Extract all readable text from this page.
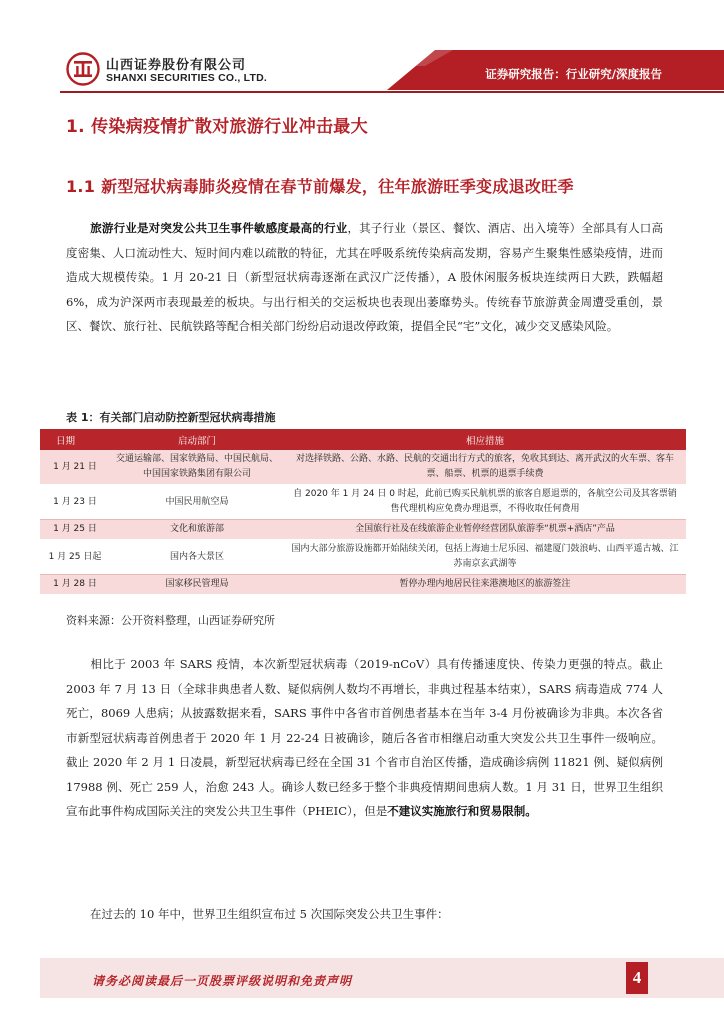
山西证券股份有限公司
SHANXI SECURITIES CO., LTD.	证券研究报告：行业研究/深度报告
1. 传染病疫情扩散对旅游行业冲击最大
1.1 新型冠状病毒肺炎疫情在春节前爆发，往年旅游旺季变成退改旺季
旅游行业是对突发公共卫生事件敏感度最高的行业，其子行业（景区、餐饮、酒店、出入境等）全部具有人口高度密集、人口流动性大、短时间内难以疏散的特征，尤其在呼吸系统传染病高发期，容易产生聚集性感染疫情，进而造成大规模传染。1 月 20-21 日（新型冠状病毒逐渐在武汉广泛传播），A 股休闲服务板块连续两日大跌，跌幅超 6%，成为沪深两市表现最差的板块。与出行相关的交运板块也表现出萎靡势头。传统春节旅游黄金周遭受重创，景区、餐饮、旅行社、民航铁路等配合相关部门纷纷启动退改停政策，提倡全民“宅”文化，减少交叉感染风险。
表 1：有关部门启动防控新型冠状病毒措施
日期	启动部门	相应措施
1 月 21 日	交通运输部、国家铁路局、中国民航局、中国国家铁路集团有限公司	对选择铁路、公路、水路、民航的交通出行方式的旅客，免收其到达、离开武汉的火车票、客车票、船票、机票的退票手续费
1 月 23 日	中国民用航空局	自 2020 年 1 月 24 日 0 时起，此前已购买民航机票的旅客自愿退票的，各航空公司及其客票销售代理机构应免费办理退票，不得收取任何费用
1 月 25 日	文化和旅游部	全国旅行社及在线旅游企业暂停经营团队旅游季“机票+酒店”产品
1 月 25 日起	国内各大景区	国内大部分旅游设施都开始陆续关闭，包括上海迪士尼乐园、福建厦门鼓浪屿、山西平遥古城、江苏南京玄武湖等
1 月 28 日	国家移民管理局	暂停办理内地居民往来港澳地区的旅游签注
资料来源：公开资料整理，山西证券研究所
相比于 2003 年 SARS 疫情，本次新型冠状病毒（2019-nCoV）具有传播速度快、传染力更强的特点。截止 2003 年 7 月 13 日（全球非典患者人数、疑似病例人数均不再增长，非典过程基本结束），SARS 病毒造成 774 人死亡，8069 人患病；从披露数据来看，SARS 事件中各省市首例患者基本在当年 3-4 月份被确诊为非典。本次各省市新型冠状病毒首例患者于 2020 年 1 月 22-24 日被确诊，随后各省市相继启动重大突发公共卫生事件一级响应。截止 2020 年 2 月 1 日凌晨，新型冠状病毒已经在全国 31 个省市自治区传播，造成确诊病例 11821 例、疑似病例 17988 例、死亡 259 人，治愈 243 人。确诊人数已经多于整个非典疫情期间患病人数。1 月 31 日，世界卫生组织宣布此事件构成国际关注的突发公共卫生事件（PHEIC），但是不建议实施旅行和贸易限制。
在过去的 10 年中，世界卫生组织宣布过 5 次国际突发公共卫生事件：
请务必阅读最后一页股票评级说明和免责声明	4
